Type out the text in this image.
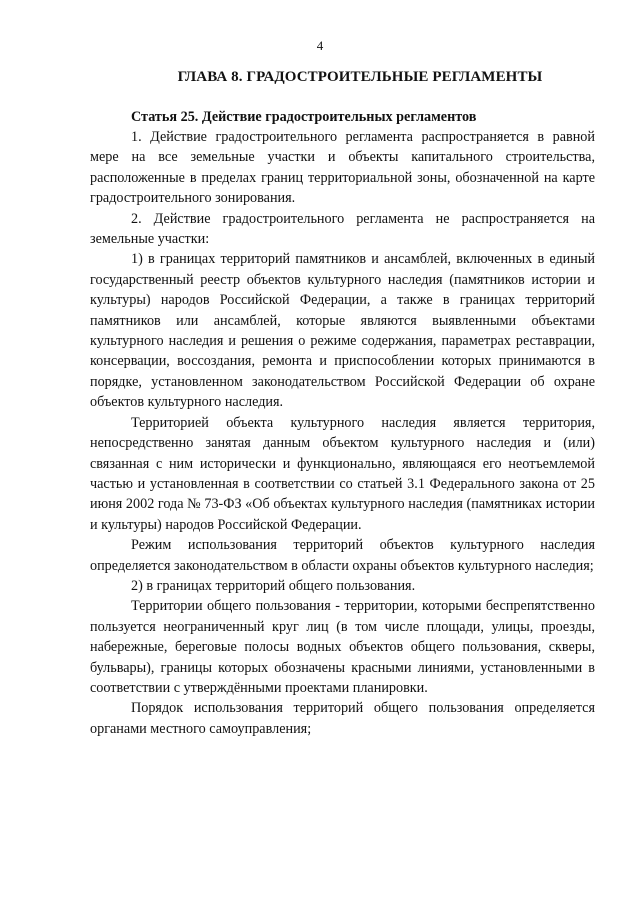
4
ГЛАВА 8. ГРАДОСТРОИТЕЛЬНЫЕ РЕГЛАМЕНТЫ
Статья 25. Действие градостроительных регламентов

1. Действие градостроительного регламента распространяется в равной мере на все земельные участки и объекты капитального строительства, расположенные в пределах границ территориальной зоны, обозначенной на карте градостроительного зонирования.

2. Действие градостроительного регламента не распространяется на земельные участки:

1) в границах территорий памятников и ансамблей, включенных в единый государственный реестр объектов культурного наследия (памятников истории и культуры) народов Российской Федерации, а также в границах территорий памятников или ансамблей, которые являются выявленными объектами культурного наследия и решения о режиме содержания, параметрах реставрации, консервации, воссоздания, ремонта и приспособлении которых принимаются в порядке, установленном законодательством Российской Федерации об охране объектов культурного наследия.

Территорией объекта культурного наследия является территория, непосредственно занятая данным объектом культурного наследия и (или) связанная с ним исторически и функционально, являющаяся его неотъемлемой частью и установленная в соответствии со статьей 3.1 Федерального закона от 25 июня 2002 года № 73-ФЗ «Об объектах культурного наследия (памятниках истории и культуры) народов Российской Федерации.

Режим использования территорий объектов культурного наследия определяется законодательством в области охраны объектов культурного наследия;

2) в границах территорий общего пользования.

Территории общего пользования - территории, которыми беспрепятственно пользуется неограниченный круг лиц (в том числе площади, улицы, проезды, набережные, береговые полосы водных объектов общего пользования, скверы, бульвары), границы которых обозначены красными линиями, установленными в соответствии с утверждёнными проектами планировки.

Порядок использования территорий общего пользования определяется органами местного самоуправления;
